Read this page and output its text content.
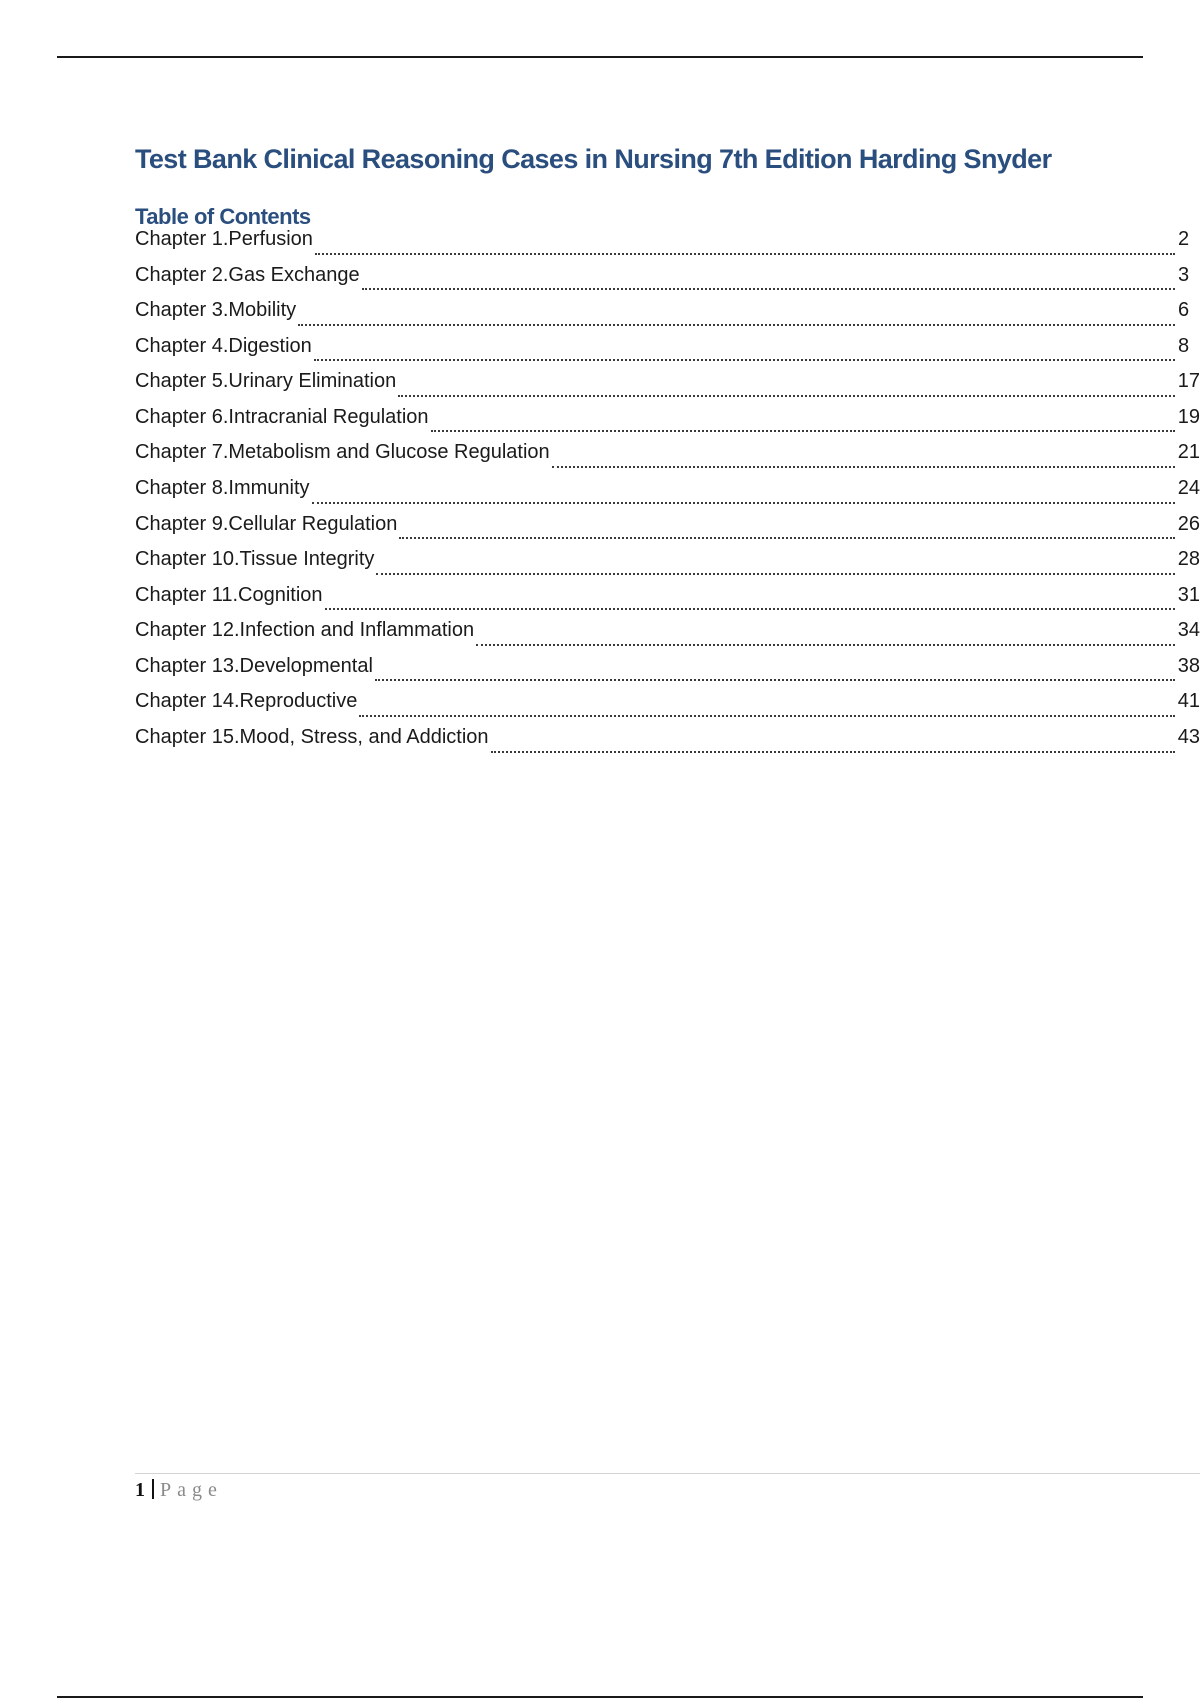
Test Bank Clinical Reasoning Cases in Nursing 7th Edition Harding Snyder
Table of Contents
Chapter 1.Perfusion	2
Chapter 2.Gas Exchange	3
Chapter 3.Mobility	6
Chapter 4.Digestion	8
Chapter 5.Urinary Elimination	17
Chapter 6.Intracranial Regulation	19
Chapter 7.Metabolism and Glucose Regulation	21
Chapter 8.Immunity	24
Chapter 9.Cellular Regulation	26
Chapter 10.Tissue Integrity	28
Chapter 11.Cognition	31
Chapter 12.Infection and Inflammation	34
Chapter 13.Developmental	38
Chapter 14.Reproductive	41
Chapter 15.Mood, Stress, and Addiction	43
1 Page
